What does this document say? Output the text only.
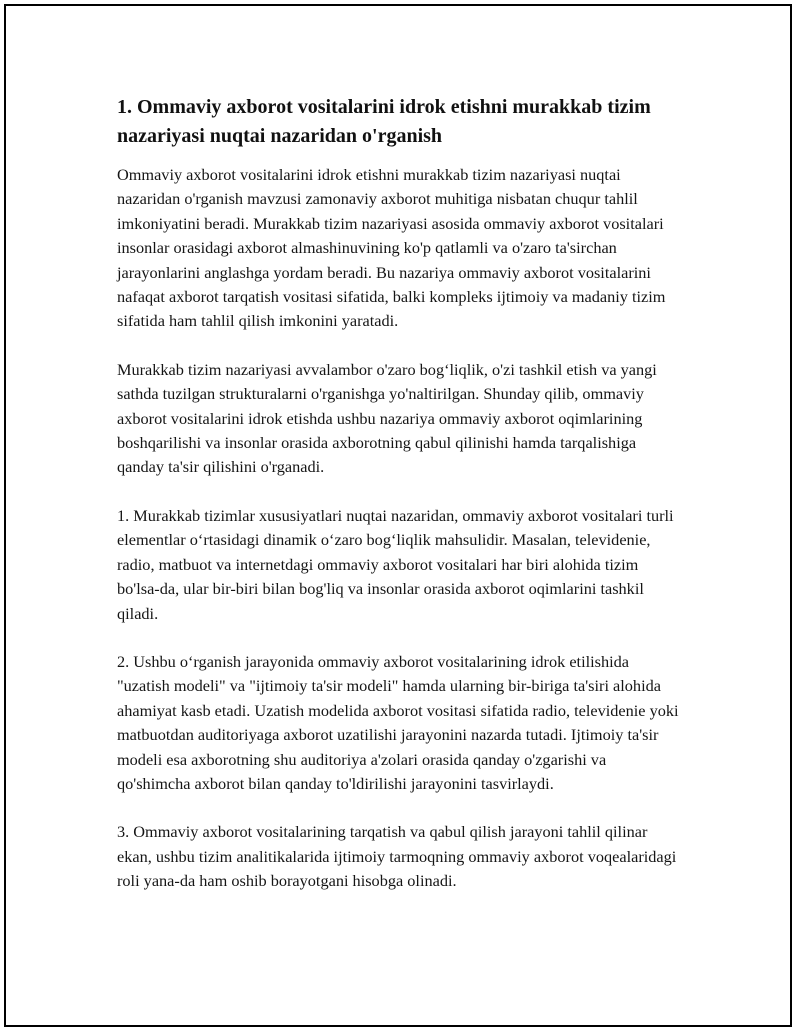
1. Ommaviy axborot vositalarini idrok etishni murakkab tizim nazariyasi nuqtai nazaridan o'rganish

Ommaviy axborot vositalarini idrok etishni murakkab tizim nazariyasi nuqtai nazaridan o'rganish mavzusi zamonaviy axborot muhitiga nisbatan chuqur tahlil imkoniyatini beradi. Murakkab tizim nazariyasi asosida ommaviy axborot vositalari insonlar orasidagi axborot almashinuvining ko'p qatlamli va o'zaro ta'sirchan jarayonlarini anglashga yordam beradi. Bu nazariya ommaviy axborot vositalarini nafaqat axborot tarqatish vositasi sifatida, balki kompleks ijtimoiy va madaniy tizim sifatida ham tahlil qilish imkonini yaratadi.

Murakkab tizim nazariyasi avvalambor o'zaro bog‘liqlik, o'zi tashkil etish va yangi sathda tuzilgan strukturalarni o'rganishga yo'naltirilgan. Shunday qilib, ommaviy axborot vositalarini idrok etishda ushbu nazariya ommaviy axborot oqimlarining boshqarilishi va insonlar orasida axborotning qabul qilinishi hamda tarqalishiga qanday ta'sir qilishini o'rganadi.

1. Murakkab tizimlar xususiyatlari nuqtai nazaridan, ommaviy axborot vositalari turli elementlar o‘rtasidagi dinamik o‘zaro bog‘liqlik mahsulidir. Masalan, televidenie, radio, matbuot va internetdagi ommaviy axborot vositalari har biri alohida tizim bo'lsa-da, ular bir-biri bilan bog'liq va insonlar orasida axborot oqimlarini tashkil qiladi.

2. Ushbu o‘rganish jarayonida ommaviy axborot vositalarining idrok etilishida "uzatish modeli" va "ijtimoiy ta'sir modeli" hamda ularning bir-biriga ta'siri alohida ahamiyat kasb etadi. Uzatish modelida axborot vositasi sifatida radio, televidenie yoki matbuotdan auditoriyaga axborot uzatilishi jarayonini nazarda tutadi. Ijtimoiy ta'sir modeli esa axborotning shu auditoriya a'zolari orasida qanday o'zgarishi va qo'shimcha axborot bilan qanday to'ldirilishi jarayonini tasvirlaydi.

3. Ommaviy axborot vositalarining tarqatish va qabul qilish jarayoni tahlil qilinar ekan, ushbu tizim analitikalarida ijtimoiy tarmoqning ommaviy axborot voqealaridagi roli yana-da ham oshib borayotgani hisobga olinadi.
